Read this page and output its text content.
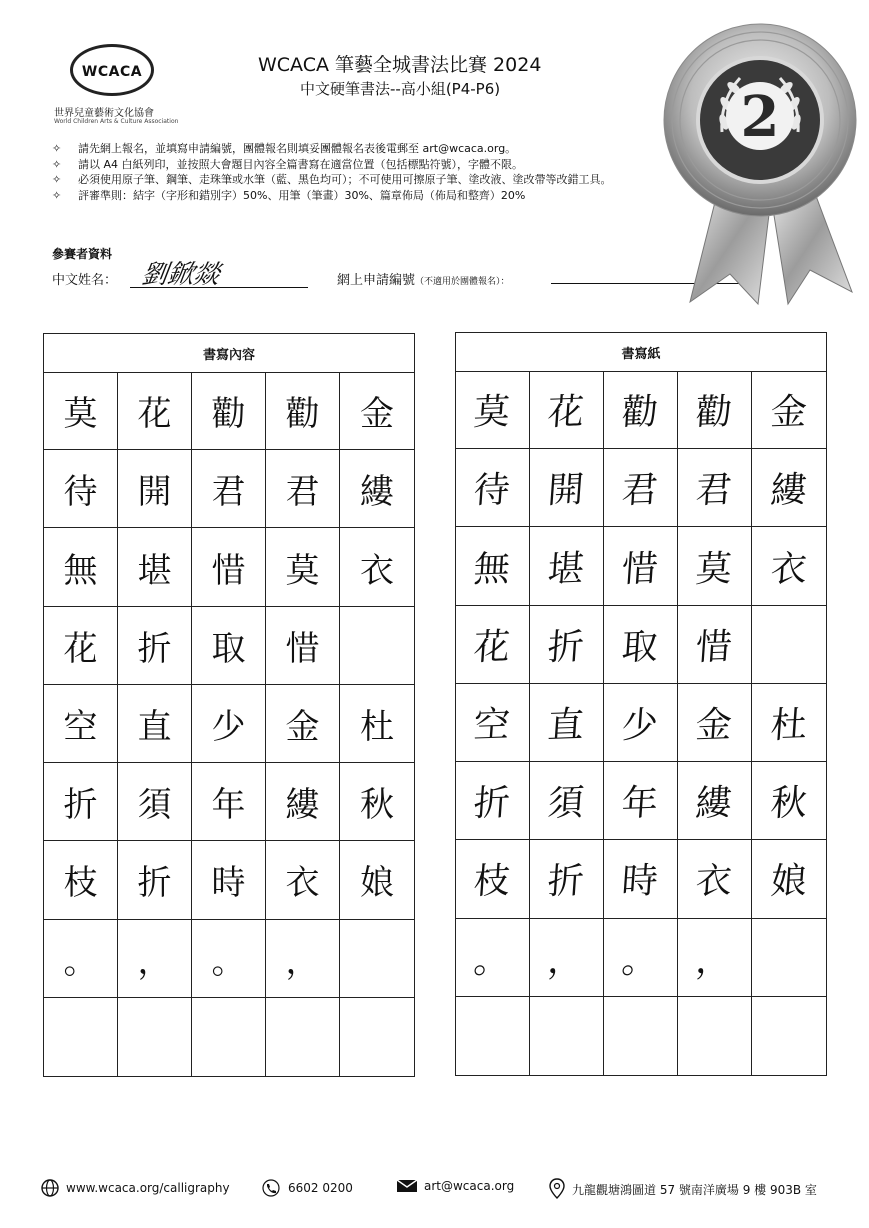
WCACA
世界兒童藝術文化協會
World Children Arts & Culture Association
WCACA 筆藝全城書法比賽 2024
中文硬筆書法--高小組(P4-P6)
✧ 請先網上報名，並填寫申請編號，團體報名則填妥團體報名表後電郵至 art@wcaca.org。
✧ 請以 A4 白紙列印，並按照大會題目內容全篇書寫在適當位置（包括標點符號），字體不限。
✧ 必須使用原子筆、鋼筆、走珠筆或水筆（藍、黑色均可）；不可使用可擦原子筆、塗改液、塗改帶等改錯工具。
✧ 評審準則：結字（字形和錯別字）50%、用筆（筆畫）30%、篇章佈局（佈局和整齊）20%
參賽者資料
中文姓名： 劉鍁燚	網上申請編號（不適用於團體報名）：
書寫內容
莫 花 勸 勸 金
待 開 君 君 縷
無 堪 惜 莫 衣
花 折 取 惜
空 直 少 金 杜
折 須 年 縷 秋
枝 折 時 衣 娘
。 ， 。 ，
書寫紙
莫 花 勸 勸 金
待 開 君 君 縷
無 堪 惜 莫 衣
花 折 取 惜
空 直 少 金 杜
折 須 年 縷 秋
枝 折 時 衣 娘
。 ， 。 ，
2
www.wcaca.org/calligraphy	6602 0200	art@wcaca.org	九龍觀塘鴻圖道 57 號南洋廣場 9 樓 903B 室
